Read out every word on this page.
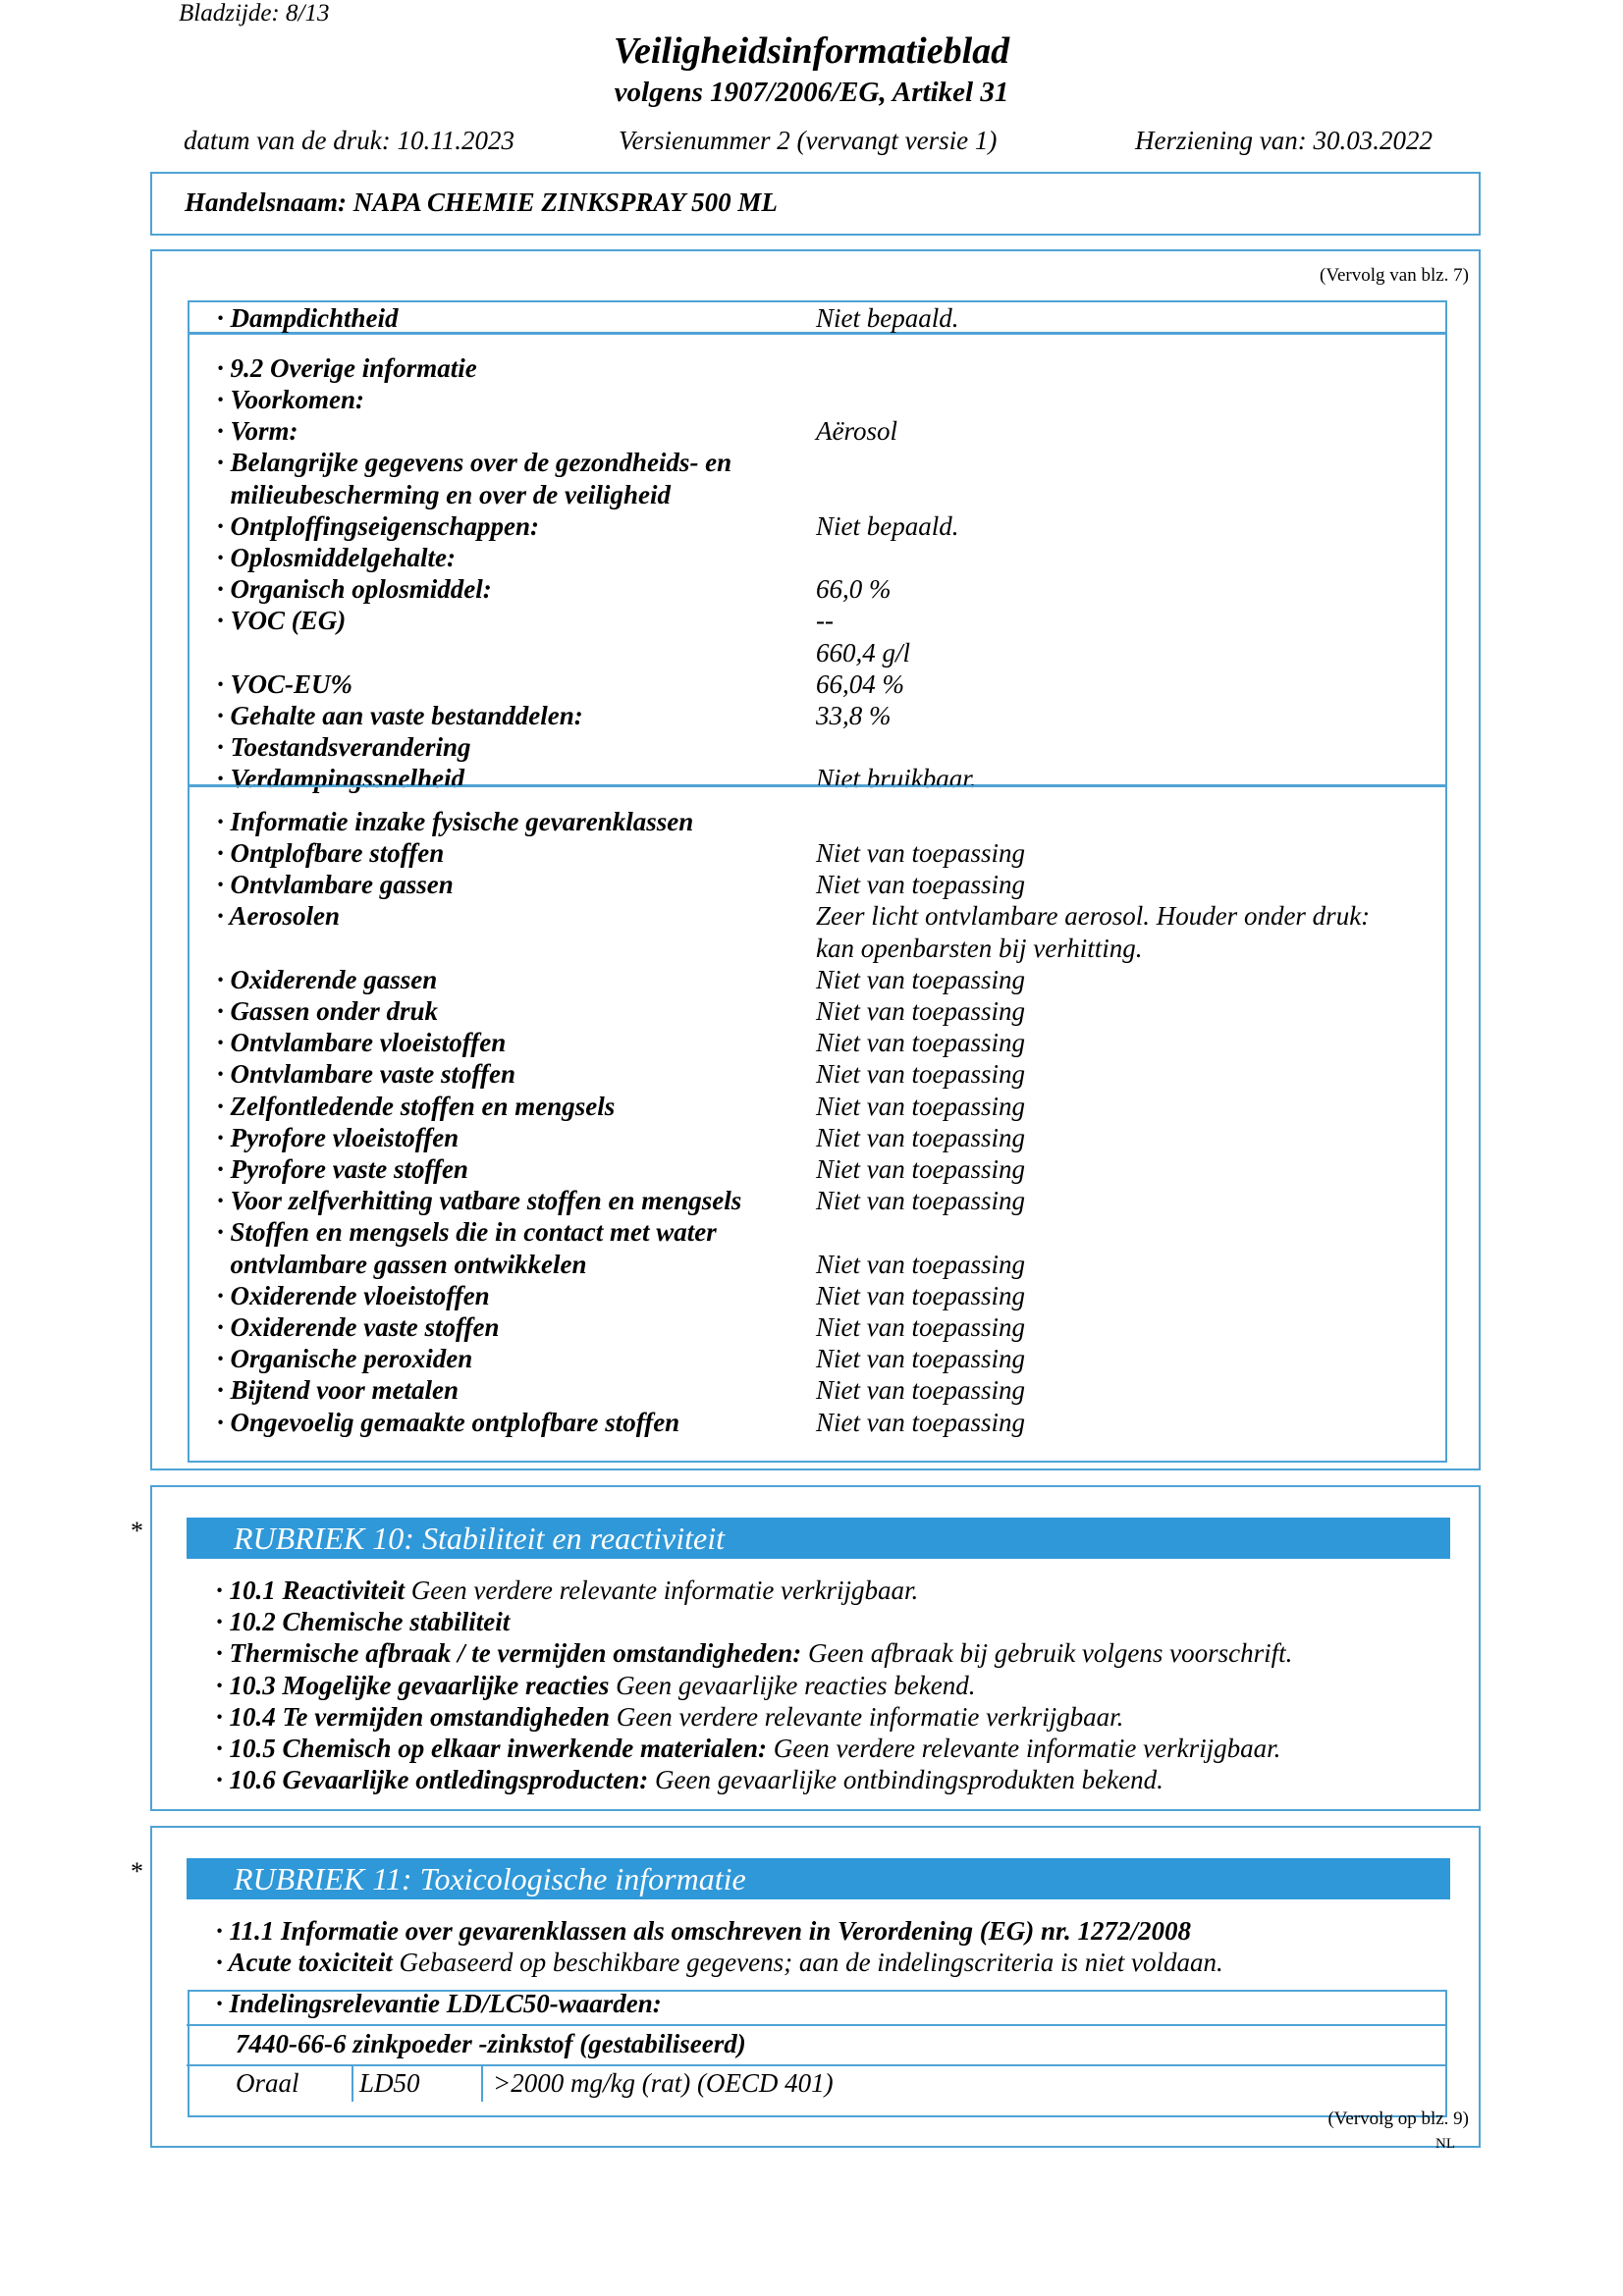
Bladzijde: 8/13
Veiligheidsinformatieblad
volgens 1907/2006/EG, Artikel 31
datum van de druk: 10.11.2023	Versienummer 2 (vervangt versie 1)	Herziening van: 30.03.2022
Handelsnaam: NAPA CHEMIE ZINKSPRAY 500 ML
(Vervolg van blz. 7)
· Dampdichtheid	Niet bepaald.
· 9.2 Overige informatie
· Voorkomen:
· Vorm:	Aërosol
· Belangrijke gegevens over de gezondheids- en
milieubescherming en over de veiligheid
· Ontploffingseigenschappen:	Niet bepaald.
· Oplosmiddelgehalte:
· Organisch oplosmiddel:	66,0 %
· VOC (EG)	--
660,4 g/l
· VOC-EU%	66,04 %
· Gehalte aan vaste bestanddelen:	33,8 %
· Toestandsverandering
· Verdampingssnelheid	Niet bruikbaar.
· Informatie inzake fysische gevarenklassen
· Ontplofbare stoffen	Niet van toepassing
· Ontvlambare gassen	Niet van toepassing
· Aerosolen	Zeer licht ontvlambare aerosol. Houder onder druk:
kan openbarsten bij verhitting.
· Oxiderende gassen	Niet van toepassing
· Gassen onder druk	Niet van toepassing
· Ontvlambare vloeistoffen	Niet van toepassing
· Ontvlambare vaste stoffen	Niet van toepassing
· Zelfontledende stoffen en mengsels	Niet van toepassing
· Pyrofore vloeistoffen	Niet van toepassing
· Pyrofore vaste stoffen	Niet van toepassing
· Voor zelfverhitting vatbare stoffen en mengsels	Niet van toepassing
· Stoffen en mengsels die in contact met water
ontvlambare gassen ontwikkelen	Niet van toepassing
· Oxiderende vloeistoffen	Niet van toepassing
· Oxiderende vaste stoffen	Niet van toepassing
· Organische peroxiden	Niet van toepassing
· Bijtend voor metalen	Niet van toepassing
· Ongevoelig gemaakte ontplofbare stoffen	Niet van toepassing
*	RUBRIEK 10: Stabiliteit en reactiviteit
· 10.1 Reactiviteit Geen verdere relevante informatie verkrijgbaar.
· 10.2 Chemische stabiliteit
· Thermische afbraak / te vermijden omstandigheden: Geen afbraak bij gebruik volgens voorschrift.
· 10.3 Mogelijke gevaarlijke reacties Geen gevaarlijke reacties bekend.
· 10.4 Te vermijden omstandigheden Geen verdere relevante informatie verkrijgbaar.
· 10.5 Chemisch op elkaar inwerkende materialen: Geen verdere relevante informatie verkrijgbaar.
· 10.6 Gevaarlijke ontledingsproducten: Geen gevaarlijke ontbindingsprodukten bekend.
*
(Vervolg op blz. 9)
RUBRIEK 11: Toxicologische informatie
· 11.1 Informatie over gevarenklassen als omschreven in Verordening (EG) nr. 1272/2008
· Acute toxiciteit Gebaseerd op beschikbare gegevens; aan de indelingscriteria is niet voldaan.
· Indelingsrelevantie LD/LC50-waarden:
7440-66-6 zinkpoeder -zinkstof (gestabiliseerd)
Oraal LD50	>2000 mg/kg (rat) (OECD 401)
NL
